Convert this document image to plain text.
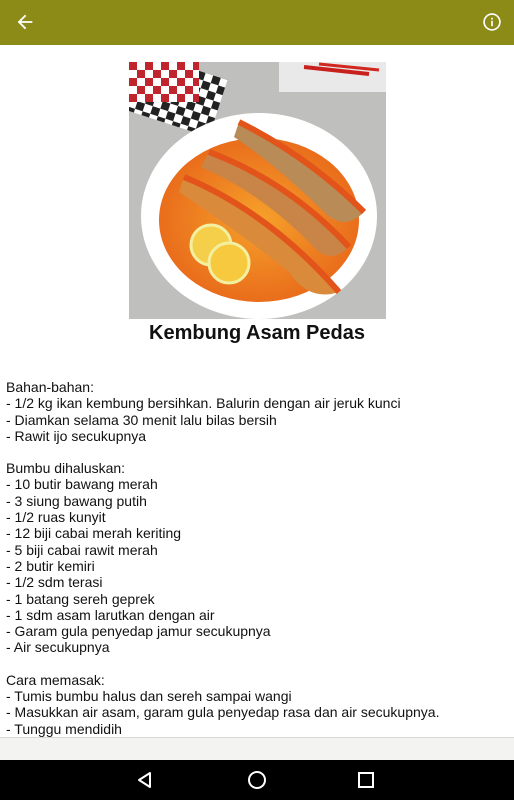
Kembung Asam Pedas
Bahan-bahan:
- 1/2 kg ikan kembung bersihkan. Balurin dengan air jeruk kunci
- Diamkan selama 30 menit lalu bilas bersih
- Rawit ijo secukupnya
Bumbu dihaluskan:
- 10 butir bawang merah
- 3 siung bawang putih
- 1/2 ruas kunyit
- 12 biji cabai merah keriting
- 5 biji cabai rawit merah
- 2 butir kemiri
- 1/2 sdm terasi
- 1 batang sereh geprek
- 1 sdm asam larutkan dengan air
- Garam gula penyedap jamur secukupnya
- Air secukupnya
Cara memasak:
- Tumis bumbu halus dan sereh sampai wangi
- Masukkan air asam, garam gula penyedap rasa dan air secukupnya.
- Tunggu mendidih
